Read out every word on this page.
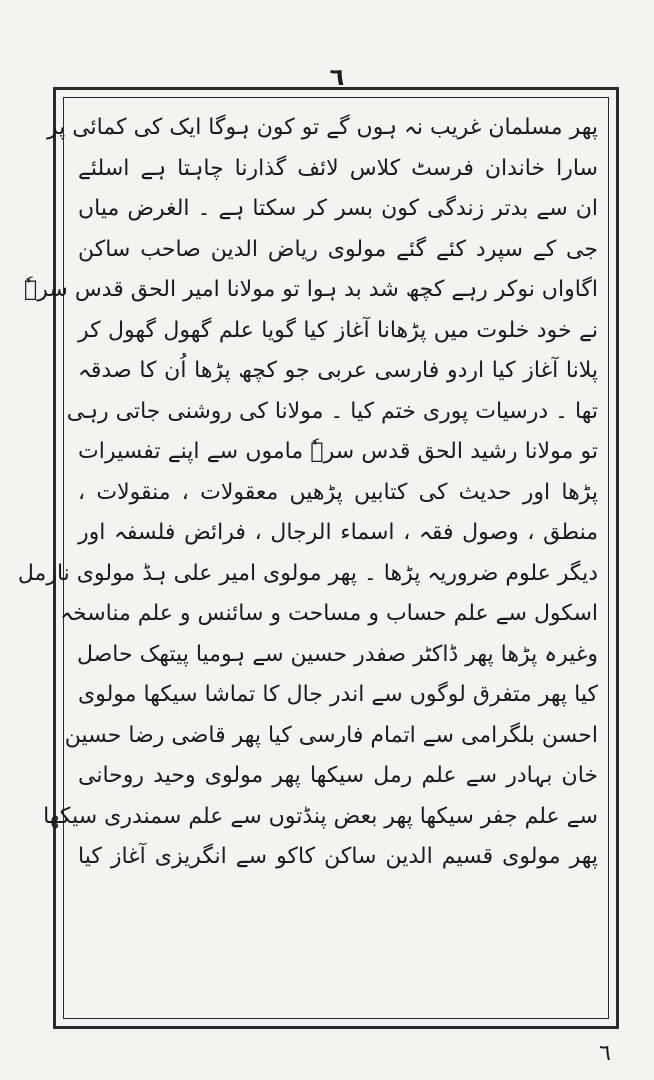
٦
پھر مسلمان غریب نہ ہوں گے تو کون ہوگا ایک کی کمائی پر
سارا خاندان فرسٹ کلاس لائف گذارنا چاہتا ہے اسلئے
ان سے بدتر زندگی کون بسر کر سکتا ہے ۔ الغرض میاں
جی کے سپرد کئے گئے مولوی ریاض الدین صاحب ساکن
اگاواں نوکر رہے کچھ شد بد ہوا تو مولانا امیر الحق قدس سرہٗ
نے خود خلوت میں پڑھانا آغاز کیا گویا علم گھول گھول کر
پلانا آغاز کیا اردو فارسی عربی جو کچھ پڑھا اُن کا صدقہ
تھا ۔ درسیات پوری ختم کیا ۔ مولانا کی روشنی جاتی رہی
تو مولانا رشید الحق قدس سرہٗ ماموں سے اپنے تفسیرات
پڑھا اور حدیث کی کتابیں پڑھیں معقولات ، منقولات ،
منطق ، وصول فقہ ، اسماء الرجال ، فرائض فلسفہ اور
دیگر علوم ضروریہ پڑھا ۔ پھر مولوی امیر علی ہڈ مولوی نارمل
اسکول سے علم حساب و مساحت و سائنس و علم مناسخہ
وغیرہ پڑھا پھر ڈاکٹر صفدر حسین سے ہومیا پیتھک حاصل
کیا پھر متفرق لوگوں سے اندر جال کا تماشا سیکھا مولوی
احسن بلگرامی سے اتمام فارسی کیا پھر قاضی رضا حسین
خان بہادر سے علم رمل سیکھا پھر مولوی وحید روحانی
سے علم جفر سیکھا پھر بعض پنڈتوں سے علم سمندری سیکھا
پھر مولوی قسیم الدین ساکن کاکو سے انگریزی آغاز کیا
٦
